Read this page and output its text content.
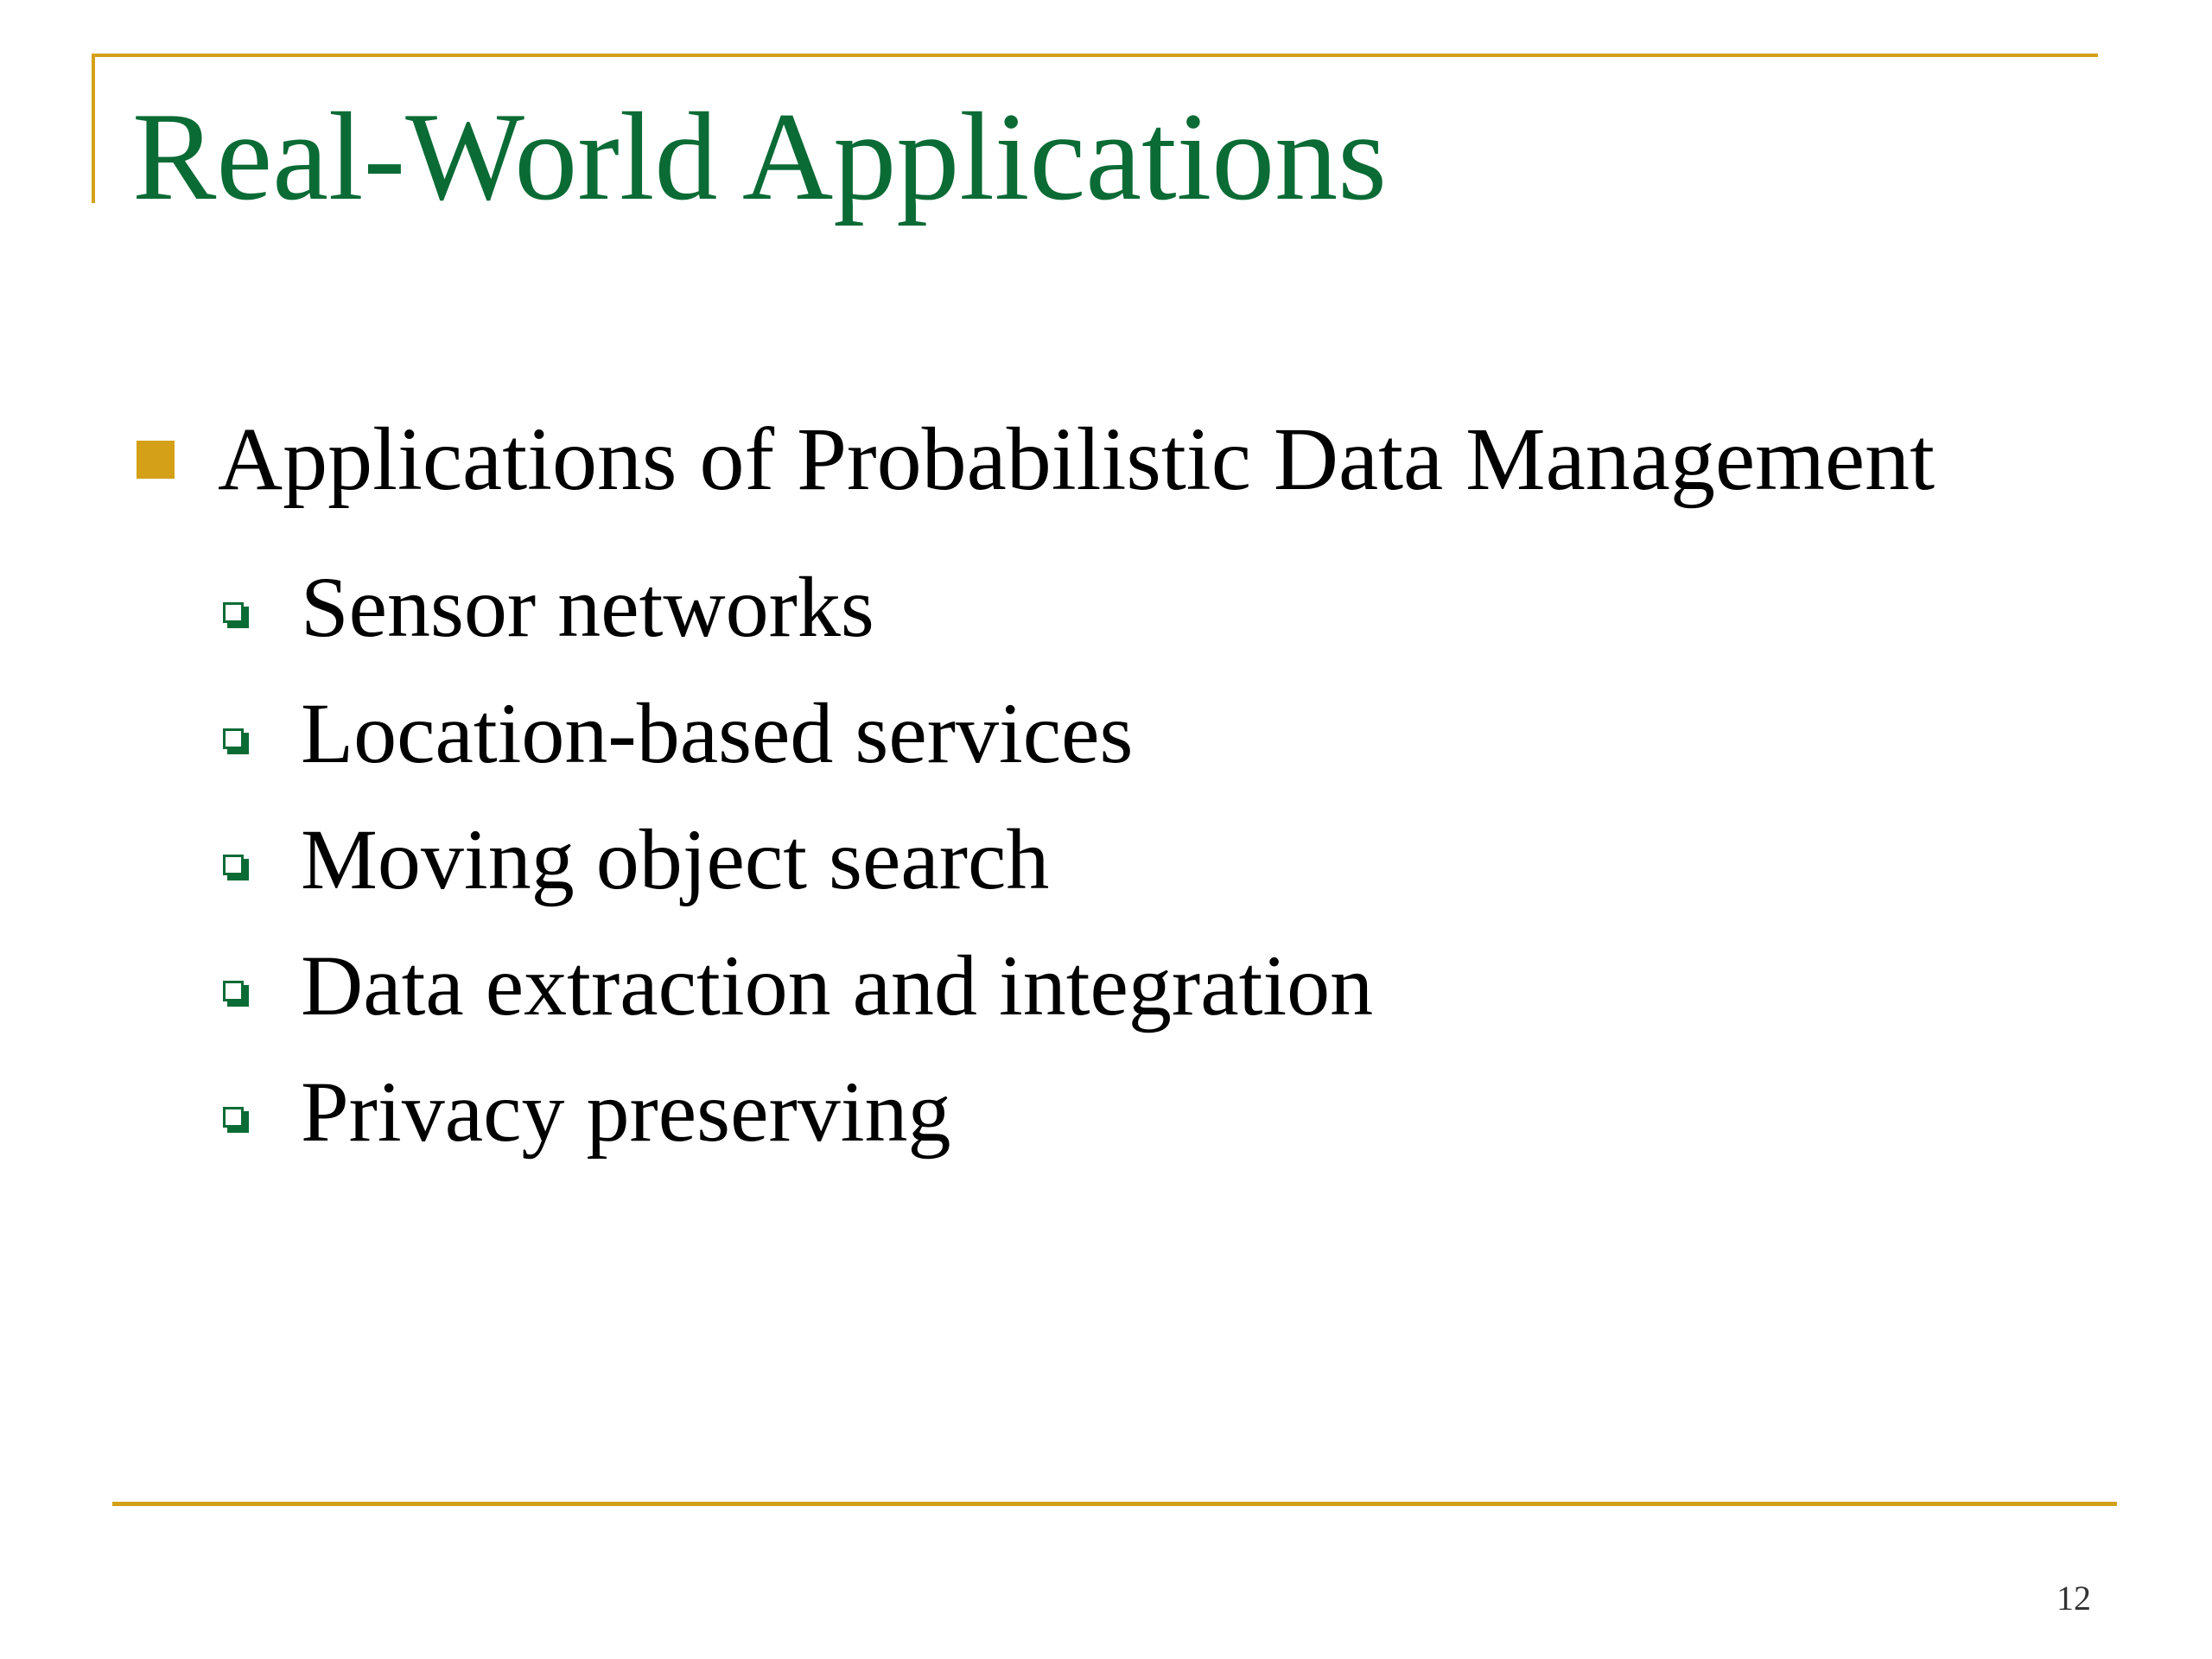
Real-World Applications
Applications of Probabilistic Data Management
Sensor networks
Location-based services
Moving object search
Data extraction and integration
Privacy preserving
12
